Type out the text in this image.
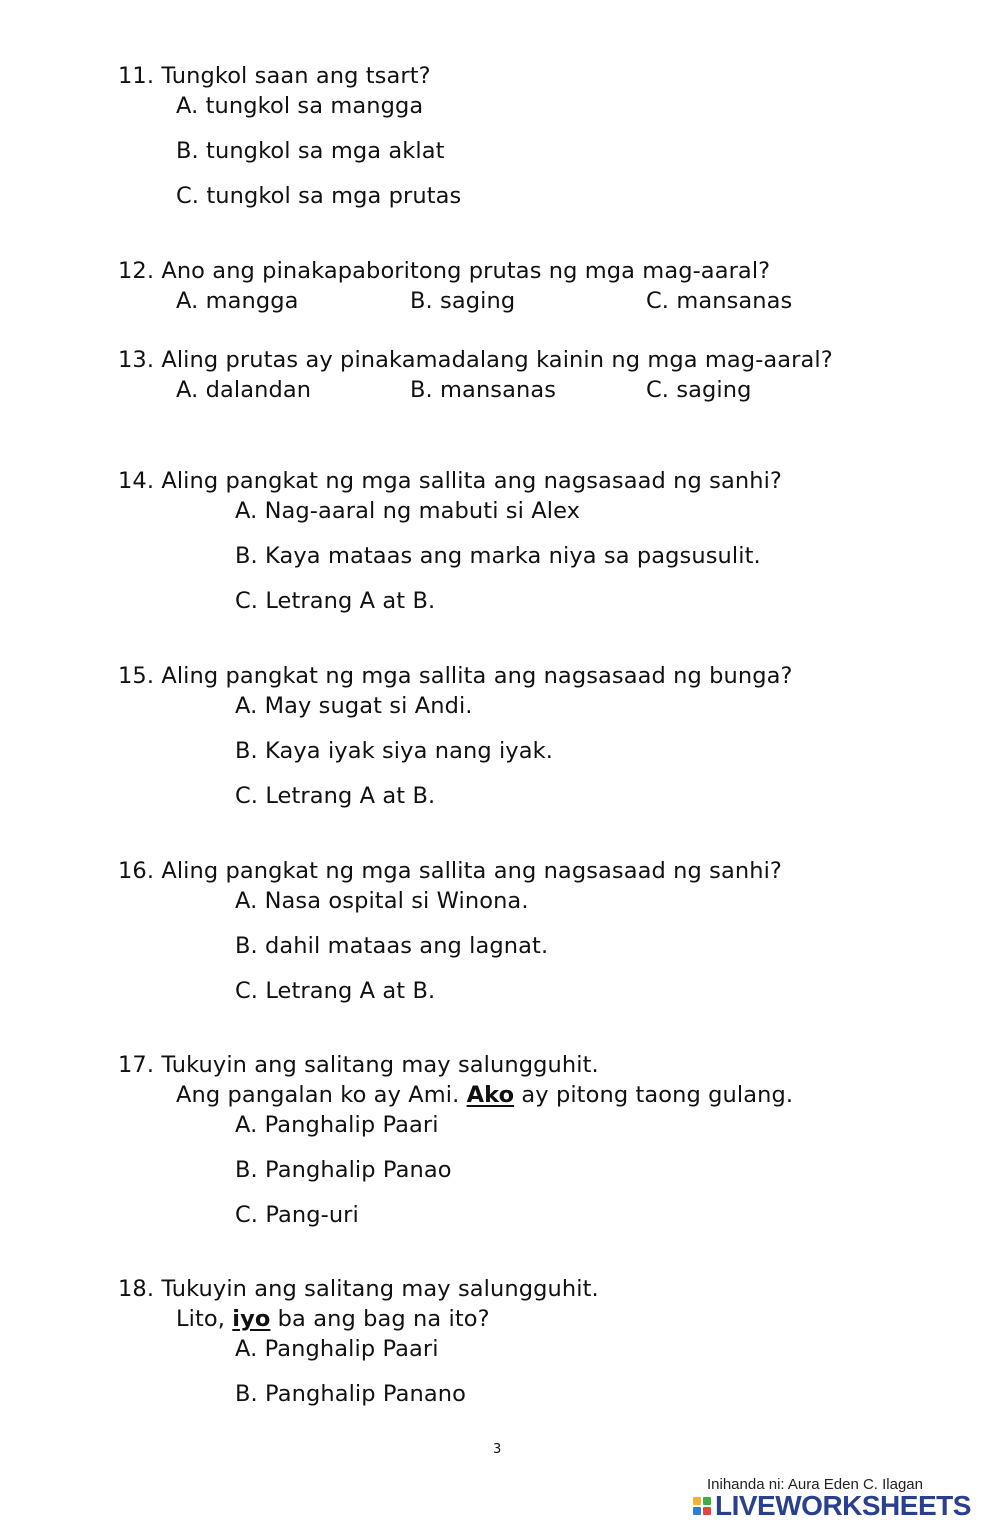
11. Tungkol saan ang tsart?
A. tungkol sa mangga
B. tungkol sa mga aklat
C. tungkol sa mga prutas
12. Ano ang pinakapaboritong prutas ng mga mag-aaral?
A. mangga	B. saging	C. mansanas
13. Aling prutas ay pinakamadalang kainin ng mga mag-aaral?
A. dalandan	B. mansanas	C. saging
14. Aling pangkat ng mga sallita ang nagsasaad ng sanhi?
A. Nag-aaral ng mabuti si Alex
B. Kaya mataas ang marka niya sa pagsusulit.
C. Letrang A at B.
15. Aling pangkat ng mga sallita ang nagsasaad ng bunga?
A. May sugat si Andi.
B. Kaya iyak siya nang iyak.
C. Letrang A at B.
16. Aling pangkat ng mga sallita ang nagsasaad ng sanhi?
A. Nasa ospital si Winona.
B. dahil mataas ang lagnat.
C. Letrang A at B.
17. Tukuyin ang salitang may salungguhit.
Ang pangalan ko ay Ami. Ako ay pitong taong gulang.
A. Panghalip Paari
B. Panghalip Panao
C. Pang-uri
18. Tukuyin ang salitang may salungguhit.
Lito, iyo ba ang bag na ito?
A. Panghalip Paari
B. Panghalip Panano
3
Inihanda ni: Aura Eden C. Ilagan
LIVEWORKSHEETS
